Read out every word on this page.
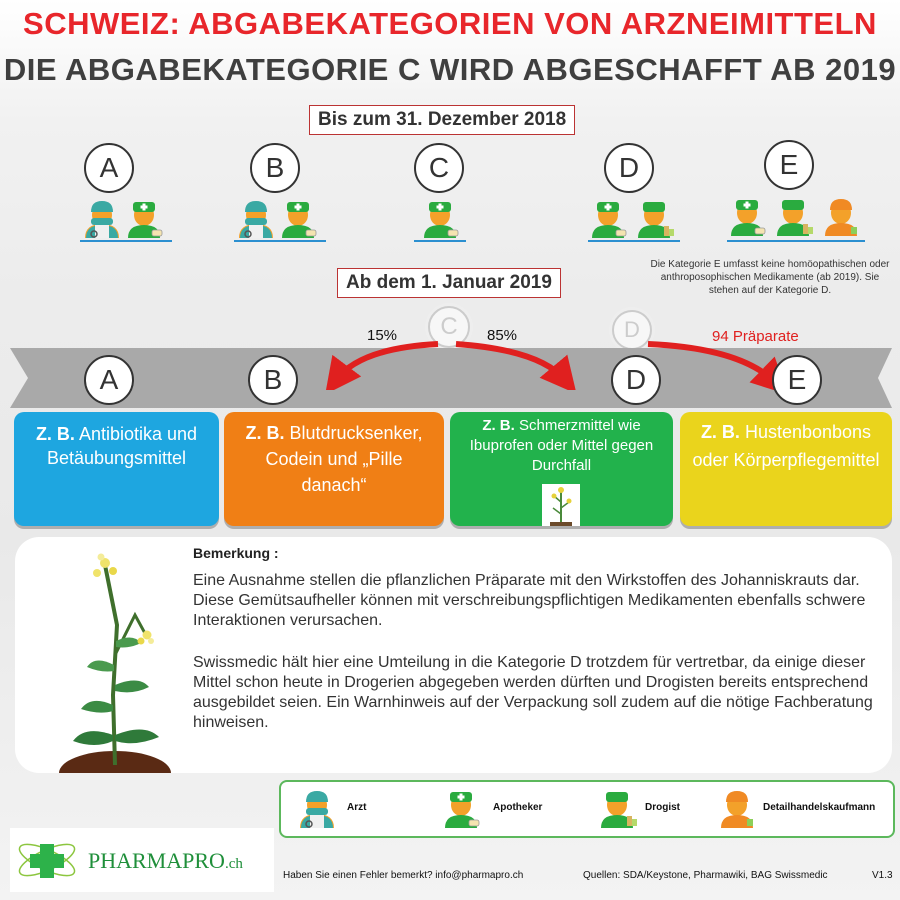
SCHWEIZ: ABGABEKATEGORIEN VON ARZNEIMITTELN
DIE ABGABEKATEGORIE C WIRD ABGESCHAFFT AB 2019
Bis zum 31. Dezember 2018
A	B	C	D	E
Die Kategorie E umfasst keine homöopathischen oder anthroposophischen Medikamente (ab 2019). Sie stehen auf der Kategorie D.
Ab dem 1. Januar 2019
C	D
15%	85%	94 Präparate
A	B	D	E
Z. B. Antibiotika und Betäubungsmittel
Z. B. Blutdrucksenker, Codein und „Pille danach“
Z. B. Schmerzmittel wie Ibuprofen oder Mittel gegen Durchfall
Z. B. Hustenbonbons oder Körperpflegemittel
Bemerkung :

Eine Ausnahme stellen die pflanzlichen Präparate mit den Wirkstoffen des Johanniskrauts dar. Diese Gemütsaufheller können mit verschreibungspflichtigen Medikamenten ebenfalls schwere Interaktionen verursachen.

Swissmedic hält hier eine Umteilung in die Kategorie D trotzdem für vertretbar, da einige dieser Mittel schon heute in Drogerien abgegeben werden dürften und Drogisten bereits entsprechend ausgebildet seien. Ein Warnhinweis auf der Verpackung soll zudem auf die nötige Fachberatung hinweisen.

Arzt	Apotheker	Drogist	Detailhandelskaufmann
PHARMAPRO.ch
Haben Sie einen Fehler bemerkt? info@pharmapro.ch	Quellen: SDA/Keystone, Pharmawiki, BAG Swissmedic	V1.3
